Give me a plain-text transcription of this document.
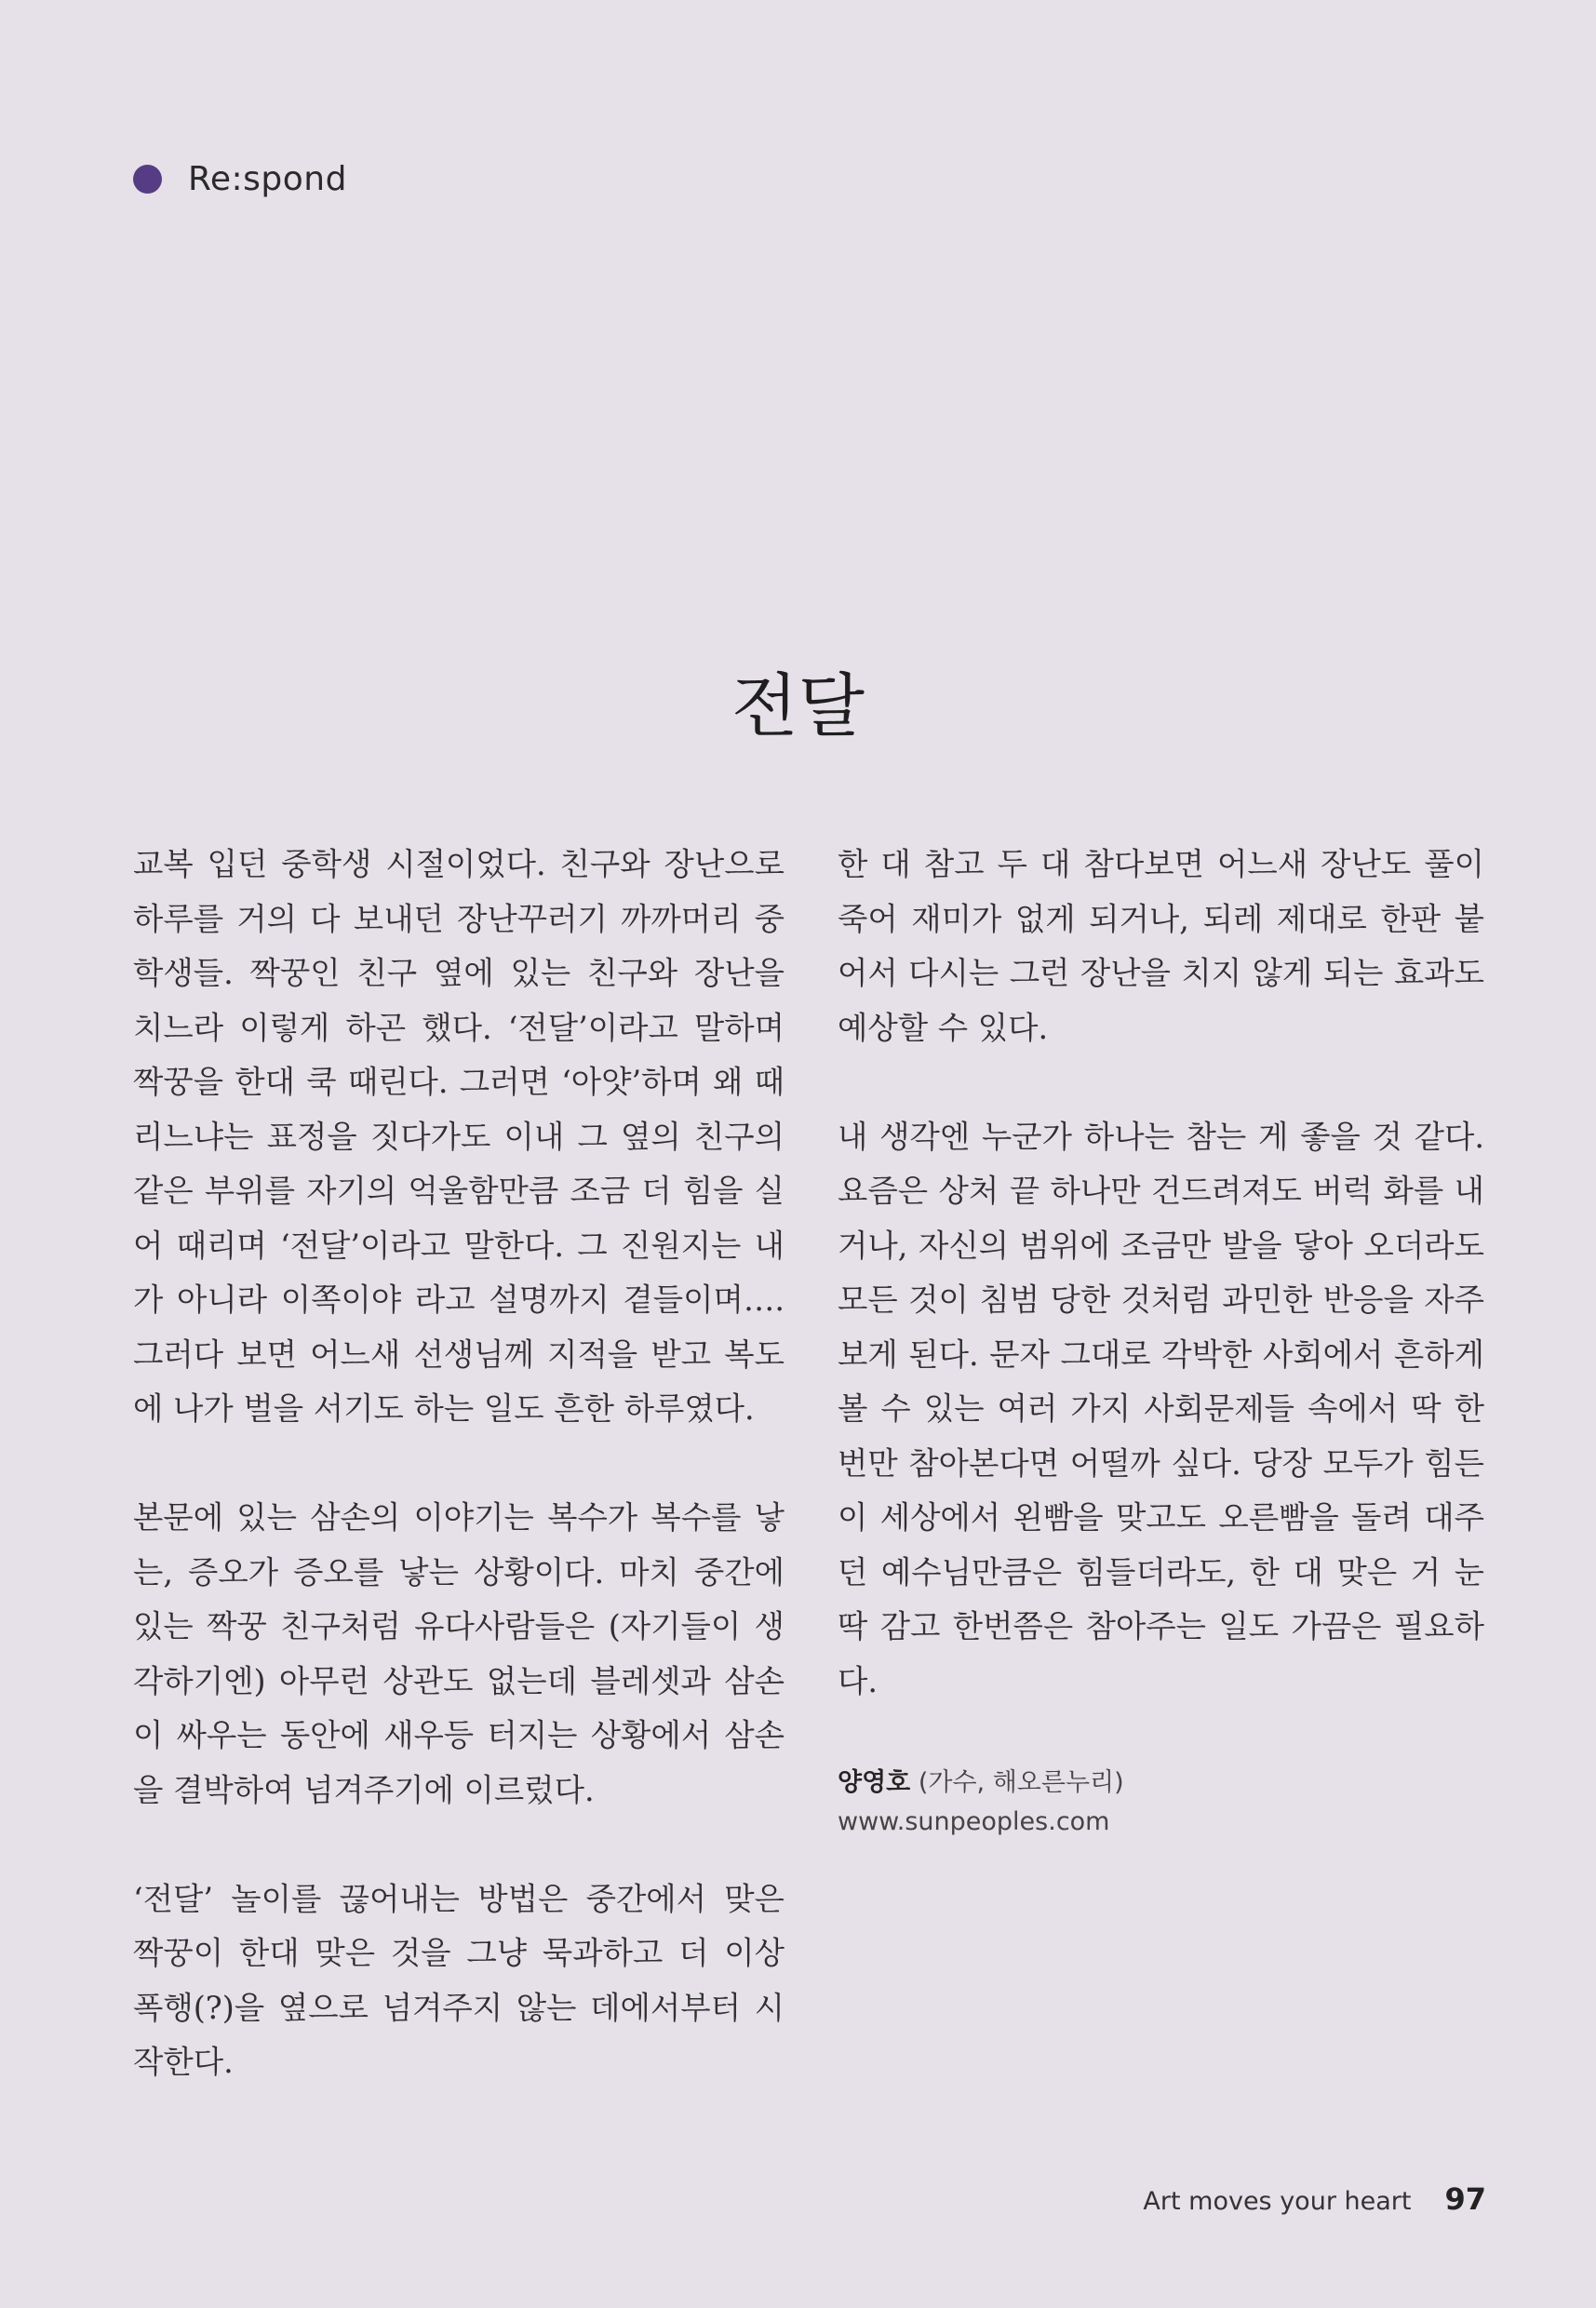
Re:spond
전달

교복 입던 중학생 시절이었다. 친구와 장난으로 하루를 거의 다 보내던 장난꾸러기 까까머리 중학생들. 짝꿍인 친구 옆에 있는 친구와 장난을 치느라 이렇게 하곤 했다. ‘전달’이라고 말하며 짝꿍을 한대 쿡 때린다. 그러면 ‘아얏’하며 왜 때리느냐는 표정을 짓다가도 이내 그 옆의 친구의 같은 부위를 자기의 억울함만큼 조금 더 힘을 실어 때리며 ‘전달’이라고 말한다. 그 진원지는 내가 아니라 이쪽이야 라고 설명까지 곁들이며…. 그러다 보면 어느새 선생님께 지적을 받고 복도에 나가 벌을 서기도 하는 일도 흔한 하루였다.

본문에 있는 삼손의 이야기는 복수가 복수를 낳는, 증오가 증오를 낳는 상황이다. 마치 중간에 있는 짝꿍 친구처럼 유다사람들은 (자기들이 생각하기엔) 아무런 상관도 없는데 블레셋과 삼손이 싸우는 동안에 새우등 터지는 상황에서 삼손을 결박하여 넘겨주기에 이르렀다.

‘전달’ 놀이를 끊어내는 방법은 중간에서 맞은 짝꿍이 한대 맞은 것을 그냥 묵과하고 더 이상 폭행(?)을 옆으로 넘겨주지 않는 데에서부터 시작한다.

한 대 참고 두 대 참다보면 어느새 장난도 풀이 죽어 재미가 없게 되거나, 되레 제대로 한판 붙어서 다시는 그런 장난을 치지 않게 되는 효과도 예상할 수 있다.

내 생각엔 누군가 하나는 참는 게 좋을 것 같다. 요즘은 상처 끝 하나만 건드려져도 버럭 화를 내거나, 자신의 범위에 조금만 발을 닿아 오더라도 모든 것이 침범 당한 것처럼 과민한 반응을 자주 보게 된다. 문자 그대로 각박한 사회에서 흔하게 볼 수 있는 여러 가지 사회문제들 속에서 딱 한번만 참아본다면 어떨까 싶다. 당장 모두가 힘든 이 세상에서 왼빰을 맞고도 오른빰을 돌려 대주던 예수님만큼은 힘들더라도, 한 대 맞은 거 눈 딱 감고 한번쯤은 참아주는 일도 가끔은 필요하다.

양영호 (가수, 해오른누리)
www.sunpeoples.com
Art moves your heart 97
